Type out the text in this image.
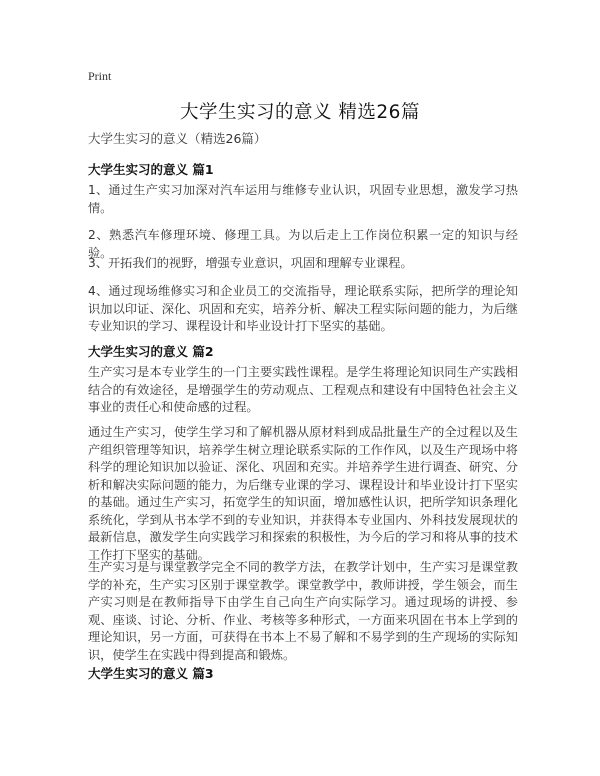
Print
大学生实习的意义 精选26篇
大学生实习的意义（精选26篇）
大学生实习的意义 篇1
1、通过生产实习加深对汽车运用与维修专业认识，巩固专业思想，激发学习热情。
2、熟悉汽车修理环境、修理工具。为以后走上工作岗位积累一定的知识与经验。
3、开拓我们的视野，增强专业意识，巩固和理解专业课程。
4、通过现场维修实习和企业员工的交流指导，理论联系实际，把所学的理论知识加以印证、深化、巩固和充实，培养分析、解决工程实际问题的能力，为后继专业知识的学习、课程设计和毕业设计打下坚实的基础。
大学生实习的意义 篇2
生产实习是本专业学生的一门主要实践性课程。是学生将理论知识同生产实践相结合的有效途径，是增强学生的劳动观点、工程观点和建设有中国特色社会主义事业的责任心和使命感的过程。
通过生产实习，使学生学习和了解机器从原材料到成品批量生产的全过程以及生产组织管理等知识，培养学生树立理论联系实际的工作作风，以及生产现场中将科学的理论知识加以验证、深化、巩固和充实。并培养学生进行调查、研究、分析和解决实际问题的能力，为后继专业课的学习、课程设计和毕业设计打下坚实的基础。通过生产实习，拓宽学生的知识面，增加感性认识，把所学知识条理化系统化，学到从书本学不到的专业知识，并获得本专业国内、外科技发展现状的最新信息，激发学生向实践学习和探索的积极性，为今后的学习和将从事的技术工作打下坚实的基础。
生产实习是与课堂教学完全不同的教学方法，在教学计划中，生产实习是课堂教学的补充，生产实习区别于课堂教学。课堂教学中，教师讲授，学生领会，而生产实习则是在教师指导下由学生自己向生产向实际学习。通过现场的讲授、参观、座谈、讨论、分析、作业、考核等多种形式，一方面来巩固在书本上学到的理论知识，另一方面，可获得在书本上不易了解和不易学到的生产现场的实际知识，使学生在实践中得到提高和锻炼。
大学生实习的意义 篇3
